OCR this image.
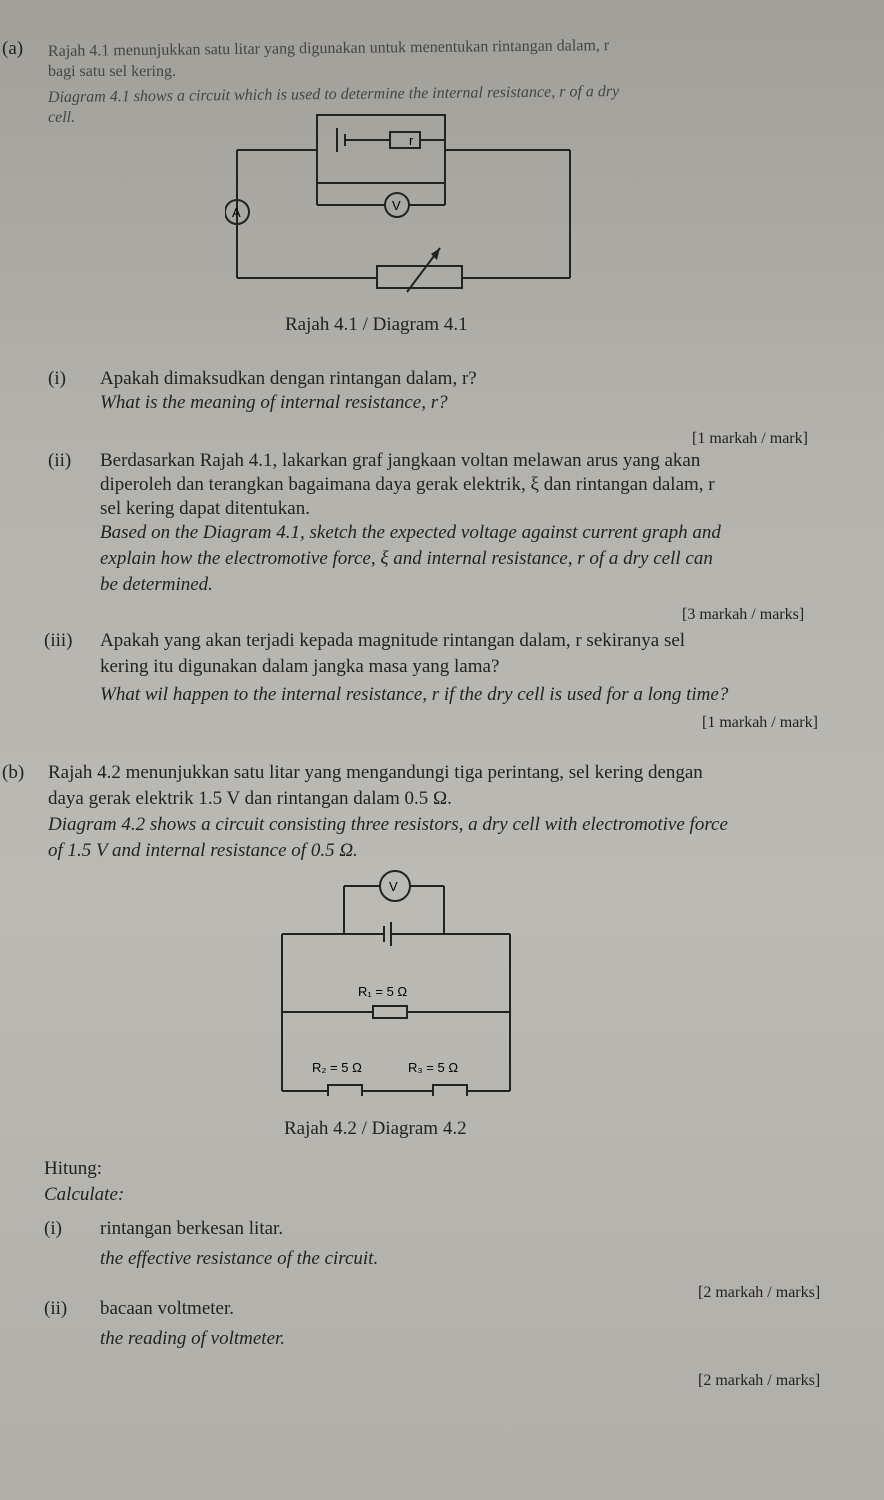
(a) Rajah 4.1 menunjukkan satu litar yang digunakan untuk menentukan rintangan dalam, r
bagi satu sel kering.
Diagram 4.1 shows a circuit which is used to determine the internal resistance, r of a dry
cell.
r
A	V
Rajah 4.1 / Diagram 4.1
(i) Apakah dimaksudkan dengan rintangan dalam, r?
What is the meaning of internal resistance, r?
[1 markah / mark]
(ii) Berdasarkan Rajah 4.1, lakarkan graf jangkaan voltan melawan arus yang akan
diperoleh dan terangkan bagaimana daya gerak elektrik, ξ dan rintangan dalam, r
sel kering dapat ditentukan.
Based on the Diagram 4.1, sketch the expected voltage against current graph and
explain how the electromotive force, ξ and internal resistance, r of a dry cell can
be determined.
[3 markah / marks]
(iii) Apakah yang akan terjadi kepada magnitude rintangan dalam, r sekiranya sel
kering itu digunakan dalam jangka masa yang lama?
What wil happen to the internal resistance, r if the dry cell is used for a long time?
[1 markah / mark]
(b) Rajah 4.2 menunjukkan satu litar yang mengandungi tiga perintang, sel kering dengan
daya gerak elektrik 1.5 V dan rintangan dalam 0.5 Ω.
Diagram 4.2 shows a circuit consisting three resistors, a dry cell with electromotive force
of 1.5 V and internal resistance of 0.5 Ω.
V
R₁ = 5 Ω
R₂ = 5 Ω	R₃ = 5 Ω
Rajah 4.2 / Diagram 4.2
Hitung:
Calculate:
(i) rintangan berkesan litar.
the effective resistance of the circuit.
[2 markah / marks]
(ii) bacaan voltmeter.
the reading of voltmeter.
[2 markah / marks]
